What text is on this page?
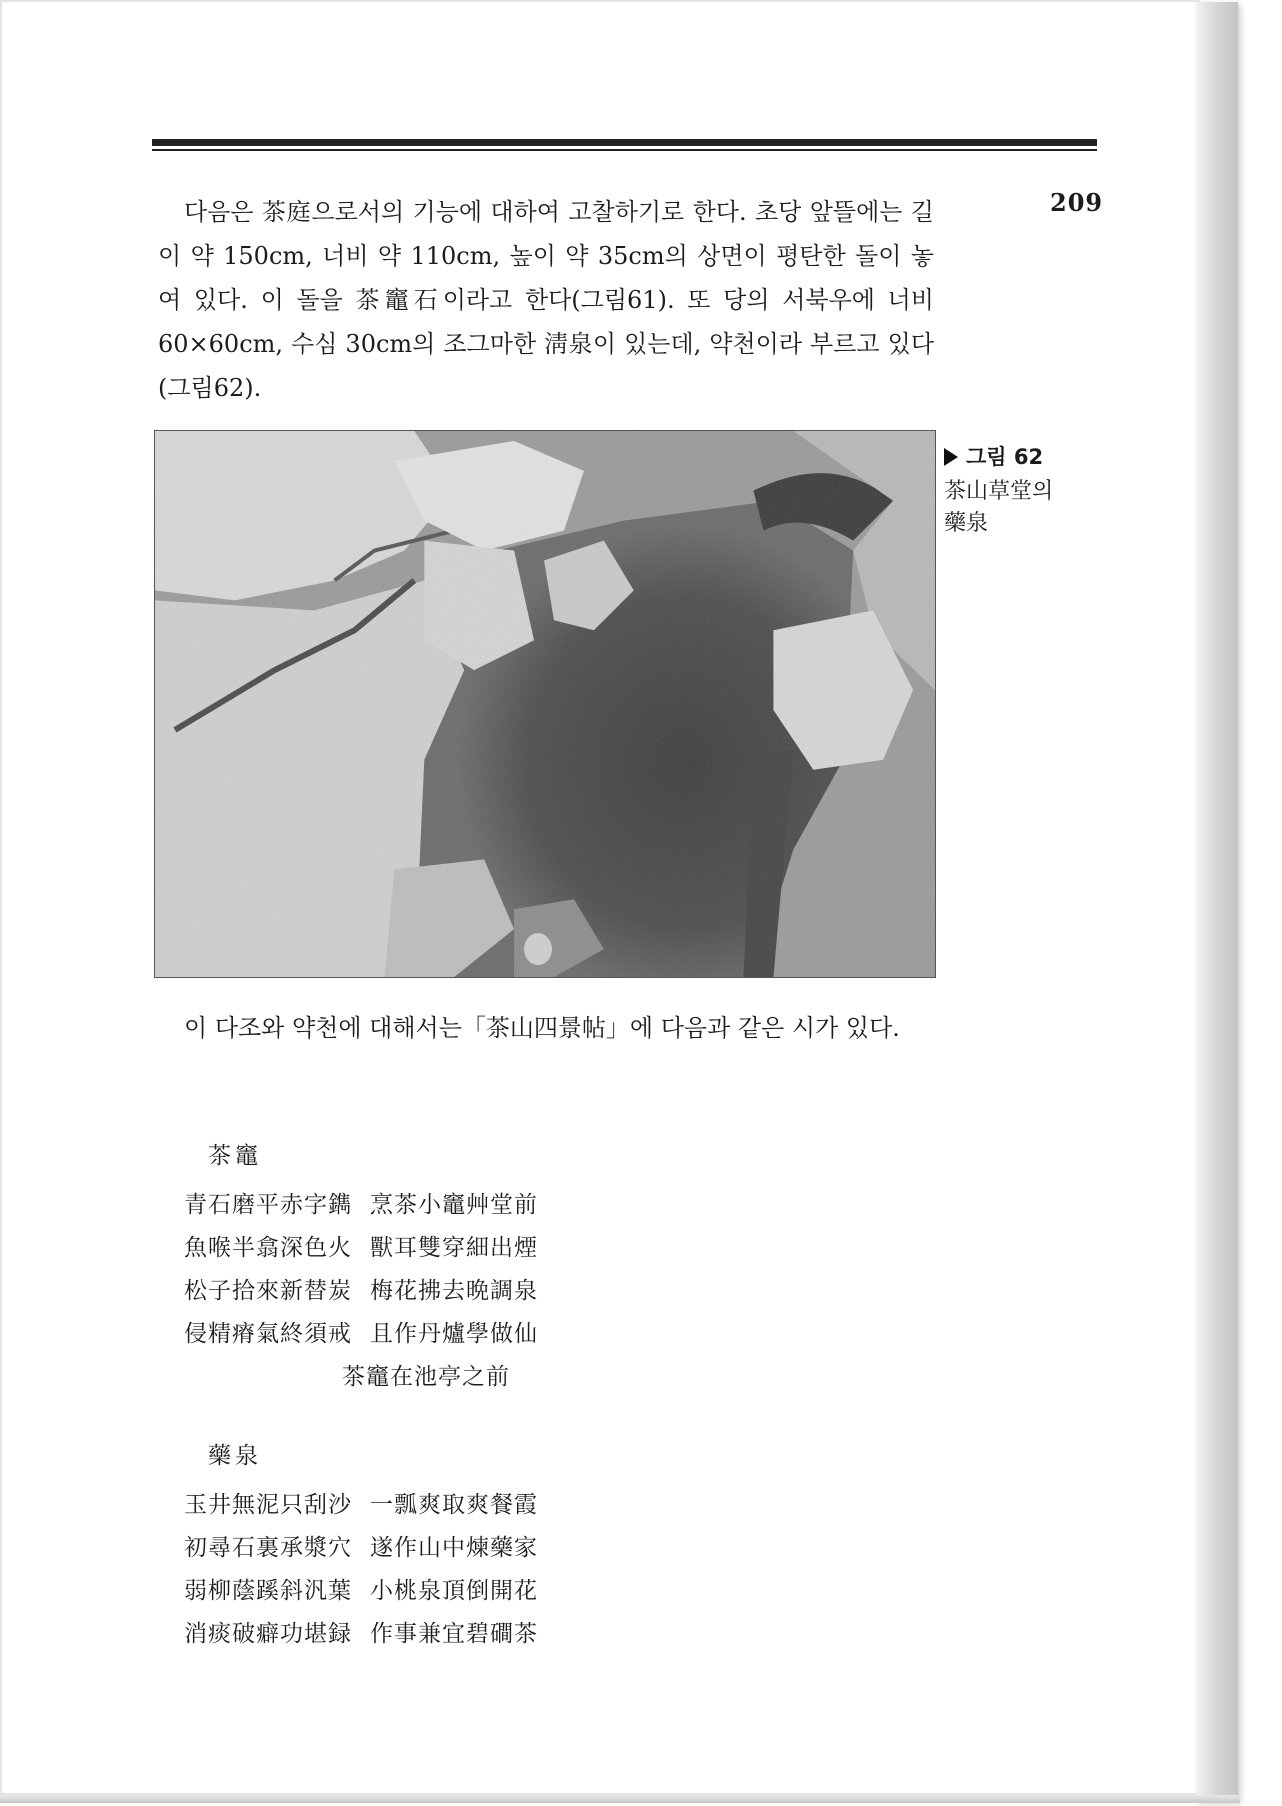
209

다음은 茶庭으로서의 기능에 대하여 고찰하기로 한다. 초당 앞뜰에는 길이 약 150cm, 너비 약 110cm, 높이 약 35cm의 상면이 평탄한 돌이 놓여 있다. 이 돌을 茶竈石이라고 한다(그림61). 또 당의 서북우에 너비 60×60cm, 수심 30cm의 조그마한 淸泉이 있는데, 약천이라 부르고 있다(그림62).

그림 62
茶山草堂의 藥泉

이 다조와 약천에 대해서는「茶山四景帖」에 다음과 같은 시가 있다.

茶竈
青石磨平赤字鐫 烹茶小竈艸堂前
魚喉半翕深色火 獸耳雙穿細出煙
松子拾來新替炭 梅花拂去晩調泉
侵精瘠氣終須戒 且作丹爐學做仙
茶竈在池亭之前
藥泉
玉井無泥只刮沙 一瓢爽取爽餐霞
初尋石裏承漿穴 遂作山中煉藥家
弱柳蔭蹊斜汎葉 小桃泉頂倒開花
消痰破癖功堪録 作事兼宜碧磵茶
